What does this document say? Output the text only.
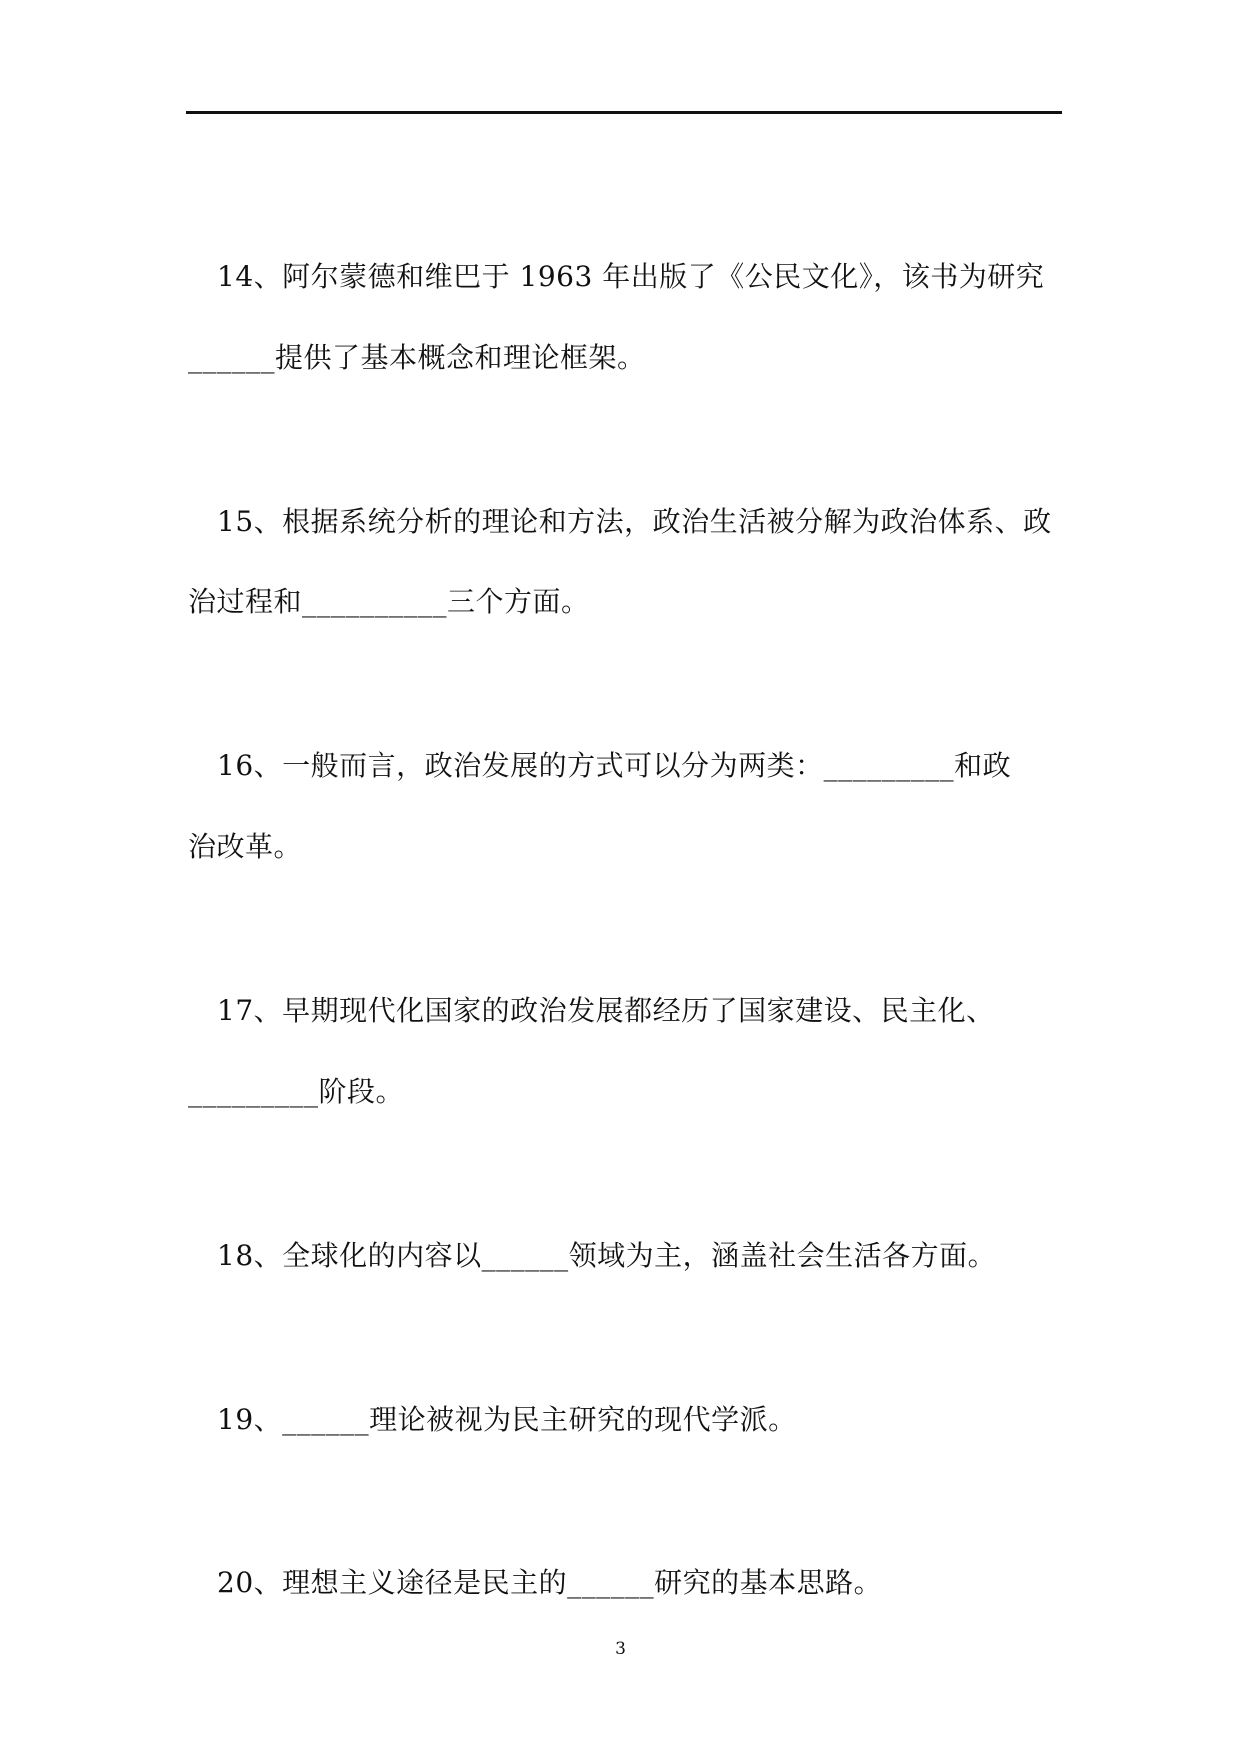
14、阿尔蒙德和维巴于 1963 年出版了《公民文化》，该书为研究

______提供了基本概念和理论框架。

15、根据系统分析的理论和方法，政治生活被分解为政治体系、政

治过程和__________三个方面。

16、一般而言，政治发展的方式可以分为两类：_________和政

治改革。

17、早期现代化国家的政治发展都经历了国家建设、民主化、

_________阶段。

18、全球化的内容以______领域为主，涵盖社会生活各方面。

19、______理论被视为民主研究的现代学派。

20、理想主义途径是民主的______研究的基本思路。

3
